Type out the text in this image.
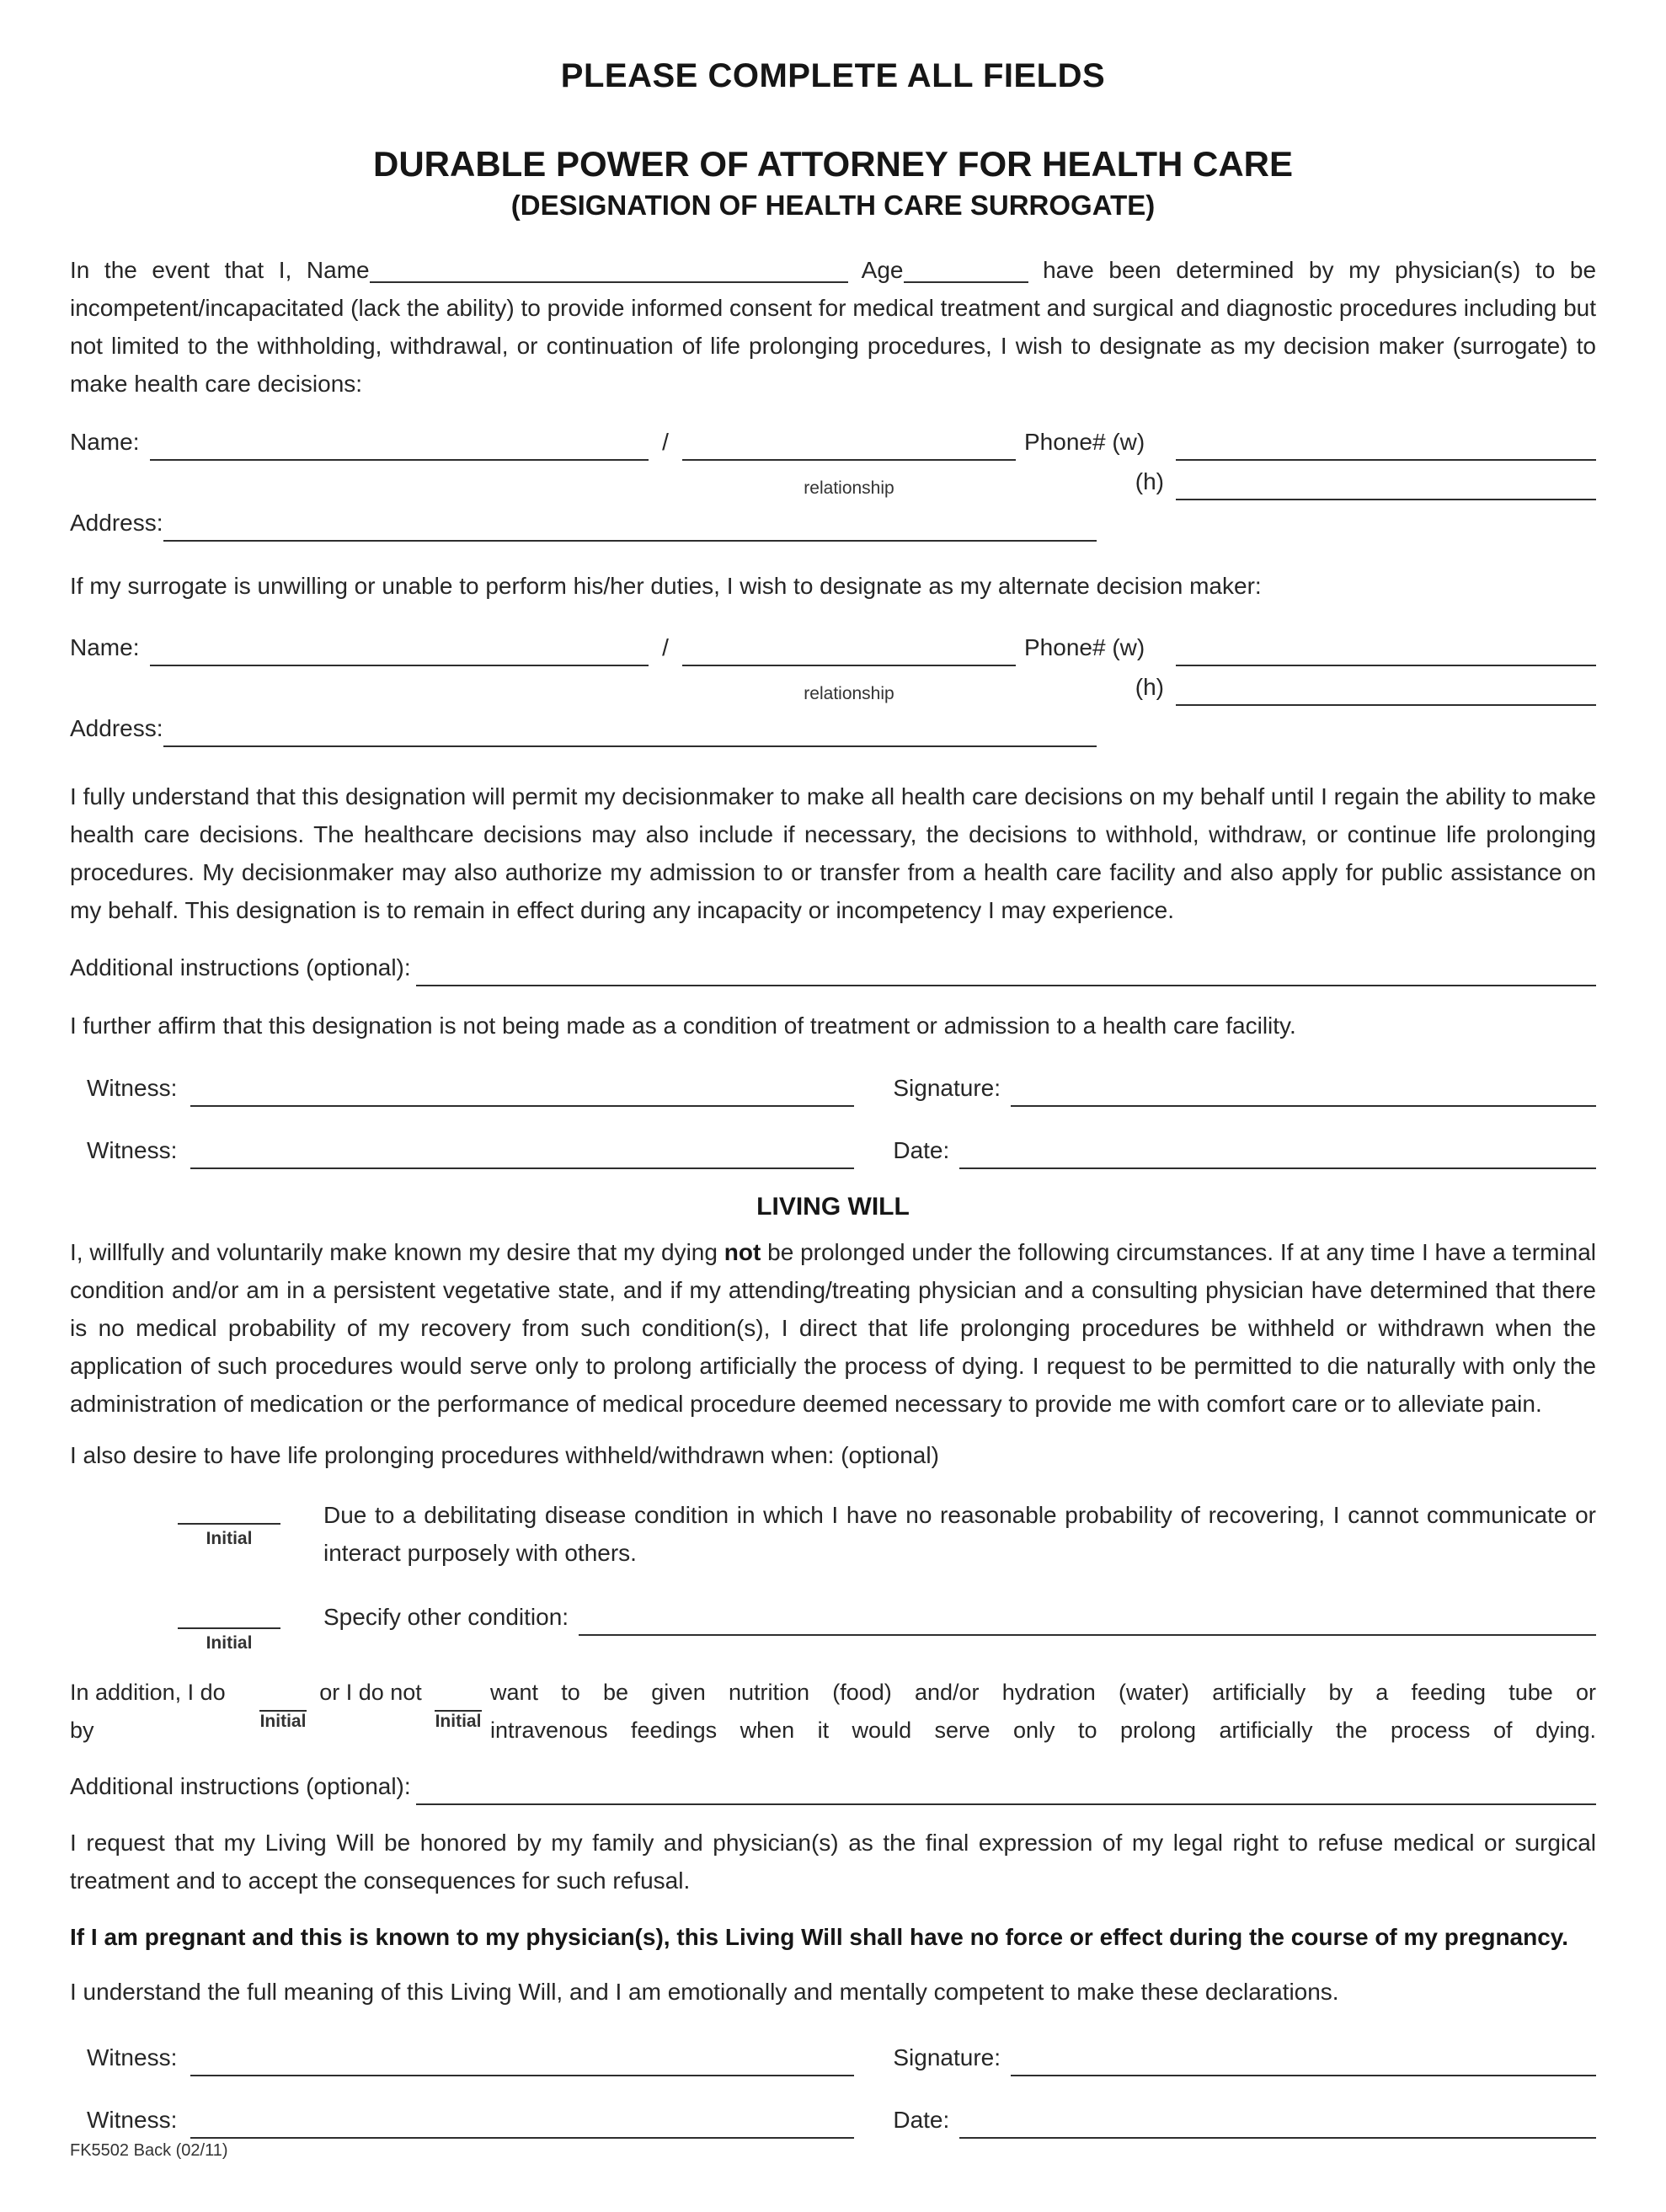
PLEASE COMPLETE ALL FIELDS
DURABLE POWER OF ATTORNEY FOR HEALTH CARE
(DESIGNATION OF HEALTH CARE SURROGATE)

In the event that I, Name	Age	have been determined by my physician(s) to be incompetent/incapacitated (lack the ability) to provide informed consent for medical treatment and surgical and diagnostic procedures including but not limited to the withholding, withdrawal, or continuation of life prolonging procedures, I wish to designate as my decision maker (surrogate) to make health care decisions:

Name:	/	Phone# (w)
relationship	(h)
Address:

If my surrogate is unwilling or unable to perform his/her duties, I wish to designate as my alternate decision maker:

Name:	/	Phone# (w)
relationship	(h)
Address:

I fully understand that this designation will permit my decisionmaker to make all health care decisions on my behalf until I regain the ability to make health care decisions. The healthcare decisions may also include if necessary, the decisions to withhold, withdraw, or continue life prolonging procedures. My decisionmaker may also authorize my admission to or transfer from a health care facility and also apply for public assistance on my behalf. This designation is to remain in effect during any incapacity or incompetency I may experience.

Additional instructions (optional):

I further affirm that this designation is not being made as a condition of treatment or admission to a health care facility.

Witness:	Signature:
Witness:	Date:
LIVING WILL

I, willfully and voluntarily make known my desire that my dying not be prolonged under the following circumstances. If at any time I have a terminal condition and/or am in a persistent vegetative state, and if my attending/treating physician and a consulting physician have determined that there is no medical probability of my recovery from such condition(s), I direct that life prolonging procedures be withheld or withdrawn when the application of such procedures would serve only to prolong artificially the process of dying. I request to be permitted to die naturally with only the administration of medication or the performance of medical procedure deemed necessary to provide me with comfort care or to alleviate pain.

I also desire to have life prolonging procedures withheld/withdrawn when: (optional)

Initial
Due to a debilitating disease condition in which I have no reasonable probability of recovering, I cannot communicate or interact purposely with others.
Initial
Specify other condition:
In addition, I do	or I do not	want to be given nutrition (food) and/or hydration (water) artificially by a feeding tube or
by	Initial	Initial intravenous feedings when it would serve only to prolong artificially the process of dying.
Additional instructions (optional):

I request that my Living Will be honored by my family and physician(s) as the final expression of my legal right to refuse medical or surgical treatment and to accept the consequences for such refusal.

If I am pregnant and this is known to my physician(s), this Living Will shall have no force or effect during the course of my pregnancy.

I understand the full meaning of this Living Will, and I am emotionally and mentally competent to make these declarations.

Witness:	Signature:
Witness:	Date:
FK5502 Back (02/11)
